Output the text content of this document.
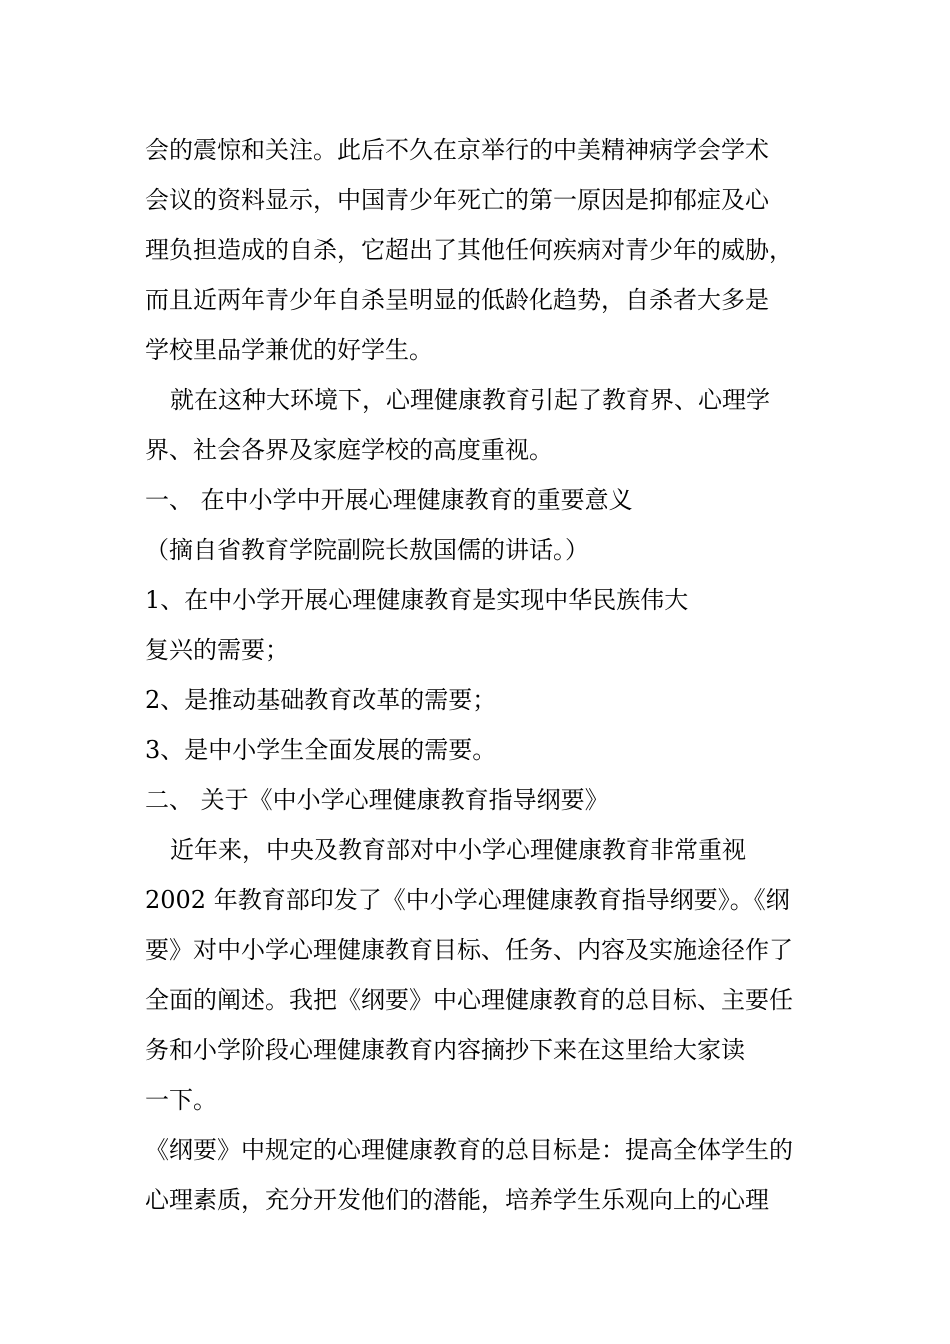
会的震惊和关注。此后不久在京举行的中美精神病学会学术
会议的资料显示，中国青少年死亡的第一原因是抑郁症及心
理负担造成的自杀，它超出了其他任何疾病对青少年的威胁，
而且近两年青少年自杀呈明显的低龄化趋势，自杀者大多是
学校里品学兼优的好学生。
就在这种大环境下，心理健康教育引起了教育界、心理学
界、社会各界及家庭学校的高度重视。
一、 在中小学中开展心理健康教育的重要意义
（摘自省教育学院副院长敖国儒的讲话。）
1、在中小学开展心理健康教育是实现中华民族伟大
复兴的需要；
2、是推动基础教育改革的需要；
3、是中小学生全面发展的需要。
二、 关于《中小学心理健康教育指导纲要》
近年来，中央及教育部对中小学心理健康教育非常重视
2002 年教育部印发了《中小学心理健康教育指导纲要》。《纲
要》对中小学心理健康教育目标、任务、内容及实施途径作了
全面的阐述。我把《纲要》中心理健康教育的总目标、主要任
务和小学阶段心理健康教育内容摘抄下来在这里给大家读
一下。
《纲要》中规定的心理健康教育的总目标是：提高全体学生的
心理素质，充分开发他们的潜能，培养学生乐观向上的心理
